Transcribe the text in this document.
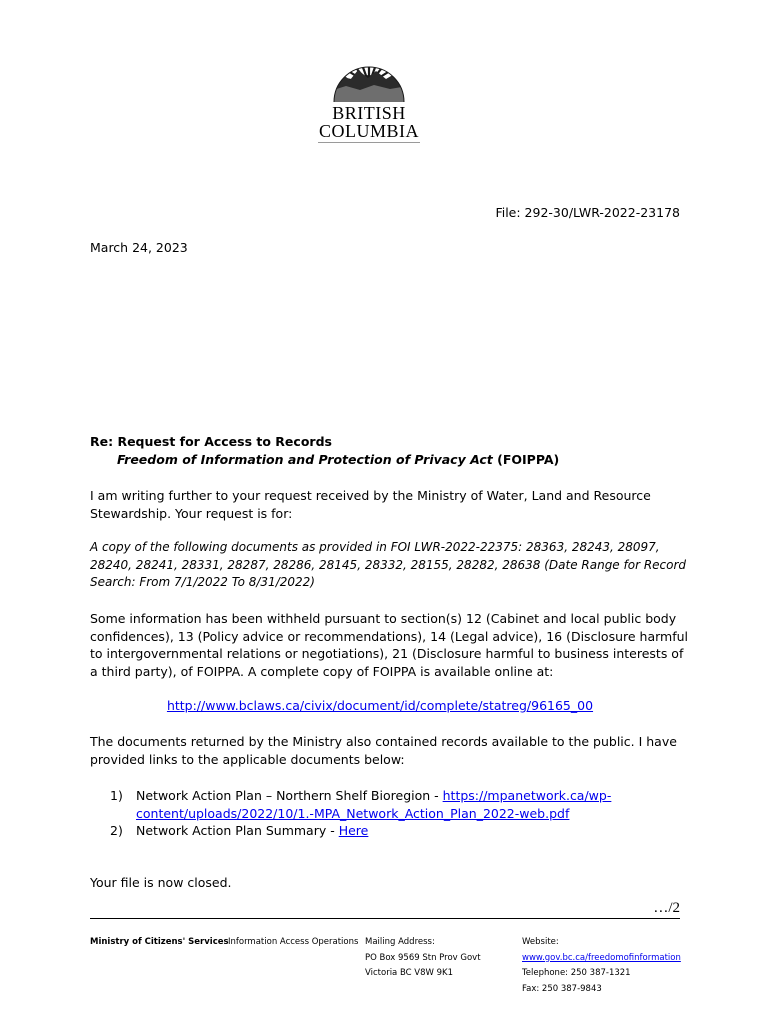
BRITISH
COLUMBIA
File: 292-30/LWR-2022-23178
March 24, 2023
Re: Request for Access to Records
Freedom of Information and Protection of Privacy Act (FOIPPA)
I am writing further to your request received by the Ministry of Water, Land and Resource Stewardship. Your request is for:
A copy of the following documents as provided in FOI LWR-2022-22375: 28363, 28243, 28097, 28240, 28241, 28331, 28287, 28286, 28145, 28332, 28155, 28282, 28638 (Date Range for Record Search: From 7/1/2022 To 8/31/2022)
Some information has been withheld pursuant to section(s) 12 (Cabinet and local public body confidences), 13 (Policy advice or recommendations), 14 (Legal advice), 16 (Disclosure harmful to intergovernmental relations or negotiations), 21 (Disclosure harmful to business interests of a third party), of FOIPPA. A complete copy of FOIPPA is available online at:
http://www.bclaws.ca/civix/document/id/complete/statreg/96165_00
The documents returned by the Ministry also contained records available to the public. I have provided links to the applicable documents below:
1) Network Action Plan – Northern Shelf Bioregion - https://mpanetwork.ca/wp-content/uploads/2022/10/1.-MPA_Network_Action_Plan_2022-web.pdf
2) Network Action Plan Summary - Here
Your file is now closed.
…/2
Ministry of Citizens' Services Information Access Operations Mailing Address:
PO Box 9569 Stn Prov Govt
Victoria BC V8W 9K1
Website:
www.gov.bc.ca/freedomofinformation
Telephone: 250 387-1321
Fax: 250 387-9843
